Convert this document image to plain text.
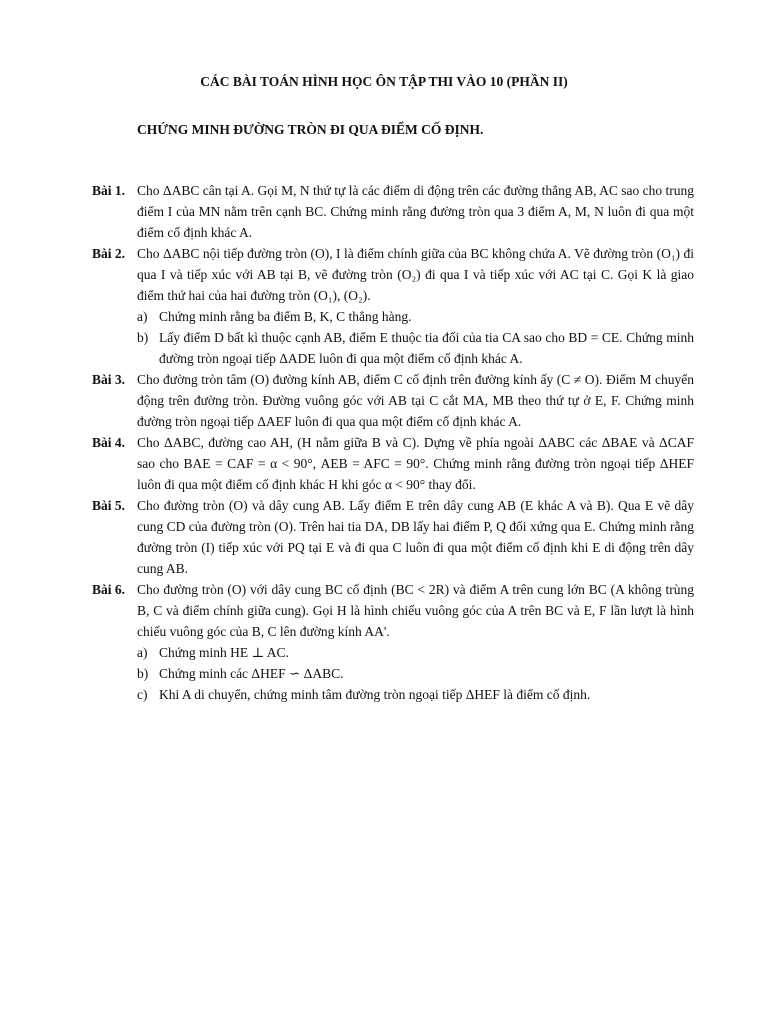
CÁC BÀI TOÁN HÌNH HỌC ÔN TẬP THI VÀO 10 (PHẦN II)
CHỨNG MINH ĐƯỜNG TRÒN ĐI QUA ĐIỂM CỐ ĐỊNH.
Bài 1. Cho ΔABC cân tại A. Gọi M, N thứ tự là các điểm di động trên các đường thẳng AB, AC sao cho trung điểm I của MN nằm trên cạnh BC. Chứng minh rằng đường tròn qua 3 điểm A, M, N luôn đi qua một điểm cố định khác A.
Bài 2. Cho ΔABC nội tiếp đường tròn (O), I là điểm chính giữa của BC không chứa A. Vẽ đường tròn (O₁) đi qua I và tiếp xúc với AB tại B, vẽ đường tròn (O₂) đi qua I và tiếp xúc với AC tại C. Gọi K là giao điểm thứ hai của hai đường tròn (O₁), (O₂).
a) Chứng minh rằng ba điểm B, K, C thẳng hàng.
b) Lấy điểm D bất kì thuộc cạnh AB, điểm E thuộc tia đối của tia CA sao cho BD = CE. Chứng minh đường tròn ngoại tiếp ΔADE luôn đi qua một điểm cố định khác A.
Bài 3. Cho đường tròn tâm (O) đường kính AB, điểm C cố định trên đường kính ấy (C ≠ O). Điểm M chuyển động trên đường tròn. Đường vuông góc với AB tại C cắt MA, MB theo thứ tự ở E, F. Chứng minh đường tròn ngoại tiếp ΔAEF luôn đi qua qua một điểm cố định khác A.
Bài 4. Cho ΔABC, đường cao AH, (H nằm giữa B và C). Dựng về phía ngoài ΔABC các ΔBAE và ΔCAF sao cho BAE = CAF = α < 90°, AEB = AFC = 90°. Chứng minh rằng đường tròn ngoại tiếp ΔHEF luôn đi qua một điểm cố định khác H khi góc α < 90° thay đổi.
Bài 5. Cho đường tròn (O) và dây cung AB. Lấy điểm E trên dây cung AB (E khác A và B). Qua E vẽ dây cung CD của đường tròn (O). Trên hai tia DA, DB lấy hai điểm P, Q đối xứng qua E. Chứng minh rằng đường tròn (I) tiếp xúc với PQ tại E và đi qua C luôn đi qua một điểm cố định khi E di động trên dây cung AB.
Bài 6. Cho đường tròn (O) với dây cung BC cố định (BC < 2R) và điểm A trên cung lớn BC (A không trùng B, C và điểm chính giữa cung). Gọi H là hình chiếu vuông góc của A trên BC và E, F lần lượt là hình chiếu vuông góc của B, C lên đường kính AA'.
a) Chứng minh HE ⊥ AC.
b) Chứng minh các ΔHEF ∽ ΔABC.
c) Khi A di chuyển, chứng minh tâm đường tròn ngoại tiếp ΔHEF là điểm cố định.
